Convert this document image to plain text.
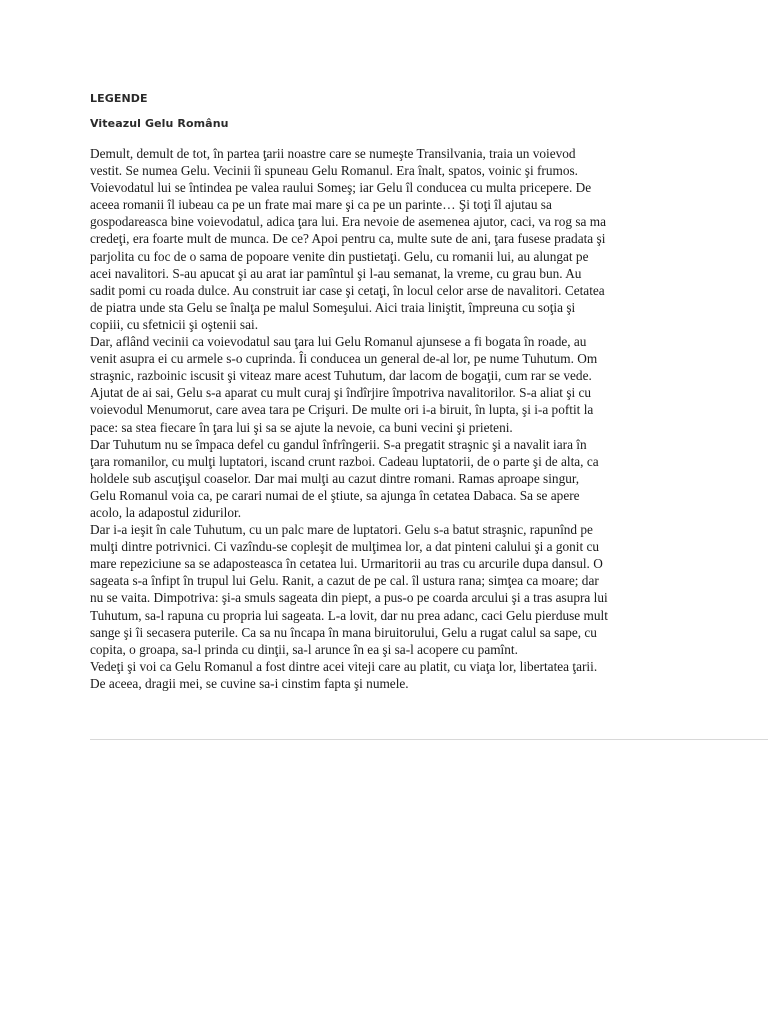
LEGENDE

Viteazul Gelu Românu

Demult, demult de tot, în partea ţarii noastre care se numeşte Transilvania, traia un voievod
vestit. Se numea Gelu. Vecinii îi spuneau Gelu Romanul. Era înalt, spatos, voinic şi frumos.
Voievodatul lui se întindea pe valea raului Someş; iar Gelu îl conducea cu multa pricepere. De
aceea romanii îl iubeau ca pe un frate mai mare şi ca pe un parinte… Şi toţi îl ajutau sa
gospodareasca bine voievodatul, adica ţara lui. Era nevoie de asemenea ajutor, caci, va rog sa ma
credeţi, era foarte mult de munca. De ce? Apoi pentru ca, multe sute de ani, ţara fusese pradata şi
parjolita cu foc de o sama de popoare venite din pustietaţi. Gelu, cu romanii lui, au alungat pe
acei navalitori. S-au apucat şi au arat iar pamîntul şi l-au semanat, la vreme, cu grau bun. Au
sadit pomi cu roada dulce. Au construit iar case şi cetaţi, în locul celor arse de navalitori. Cetatea
de piatra unde sta Gelu se înalţa pe malul Someşului. Aici traia liniştit, împreuna cu soţia şi
copiii, cu sfetnicii şi oştenii sai.
Dar, aflând vecinii ca voievodatul sau ţara lui Gelu Romanul ajunsese a fi bogata în roade, au
venit asupra ei cu armele s-o cuprinda. Îi conducea un general de-al lor, pe nume Tuhutum. Om
straşnic, razboinic iscusit şi viteaz mare acest Tuhutum, dar lacom de bogaţii, cum rar se vede.
Ajutat de ai sai, Gelu s-a aparat cu mult curaj şi îndîrjire împotriva navalitorilor. S-a aliat şi cu
voievodul Menumorut, care avea tara pe Crişuri. De multe ori i-a biruit, în lupta, şi i-a poftit la
pace: sa stea fiecare în ţara lui şi sa se ajute la nevoie, ca buni vecini şi prieteni.
Dar Tuhutum nu se împaca defel cu gandul înfrîngerii. S-a pregatit straşnic şi a navalit iara în
ţara romanilor, cu mulţi luptatori, iscand crunt razboi. Cadeau luptatorii, de o parte şi de alta, ca
holdele sub ascuţişul coaselor. Dar mai mulţi au cazut dintre romani. Ramas aproape singur,
Gelu Romanul voia ca, pe carari numai de el ştiute, sa ajunga în cetatea Dabaca. Sa se apere
acolo, la adapostul zidurilor.
Dar i-a ieşit în cale Tuhutum, cu un palc mare de luptatori. Gelu s-a batut straşnic, rapunînd pe
mulţi dintre potrivnici. Ci vazîndu-se copleşit de mulţimea lor, a dat pinteni calului şi a gonit cu
mare repeziciune sa se adaposteasca în cetatea lui. Urmaritorii au tras cu arcurile dupa dansul. O
sageata s-a înfipt în trupul lui Gelu. Ranit, a cazut de pe cal. îl ustura rana; simţea ca moare; dar
nu se vaita. Dimpotriva: şi-a smuls sageata din piept, a pus-o pe coarda arcului şi a tras asupra lui
Tuhutum, sa-l rapuna cu propria lui sageata. L-a lovit, dar nu prea adanc, caci Gelu pierduse mult
sange şi îi secasera puterile. Ca sa nu încapa în mana biruitorului, Gelu a rugat calul sa sape, cu
copita, o groapa, sa-l prinda cu dinţii, sa-l arunce în ea şi sa-l acopere cu pamînt.
Vedeţi şi voi ca Gelu Romanul a fost dintre acei viteji care au platit, cu viaţa lor, libertatea ţarii.
De aceea, dragii mei, se cuvine sa-i cinstim fapta şi numele.
